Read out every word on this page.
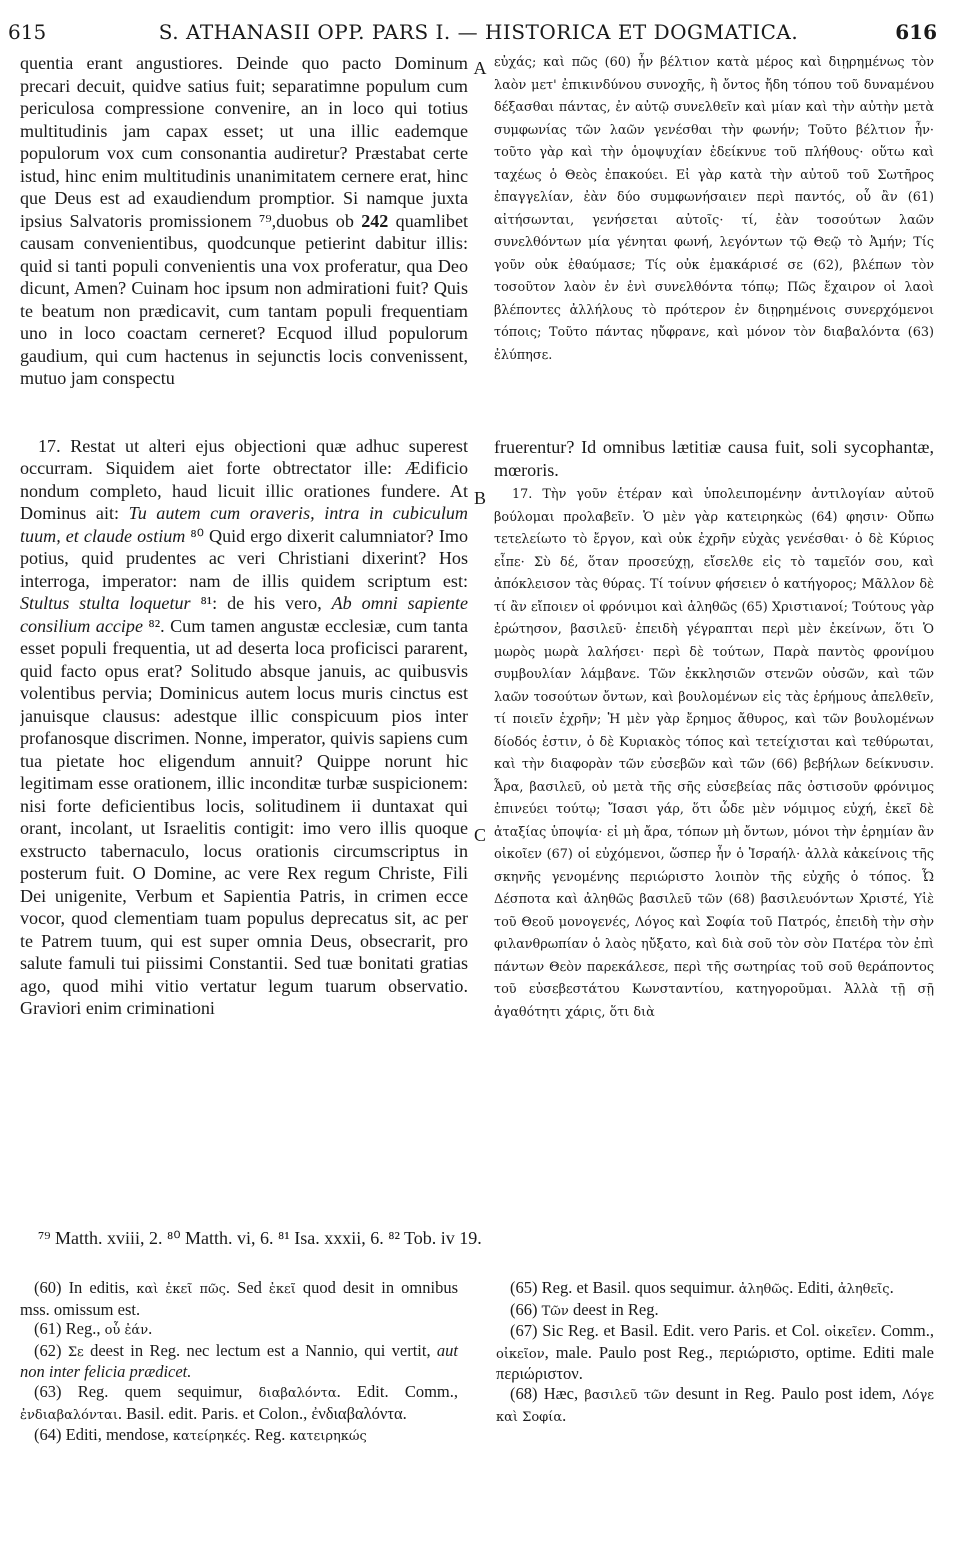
615	S. ATHANASII OPP. PARS I. — HISTORICA ET DOGMATICA.	616
A
B
C

quentia erant angustiores. Deinde quo pacto Dominum precari decuit, quidve satius fuit; separatimne populum cum periculosa compressione convenire, an in loco qui totius multitudinis jam capax esset; ut una illic eademque populorum vox cum consonantia audiretur? Præstabat certe istud, hinc enim multitudinis unanimitatem cernere erat, hinc que Deus est ad exaudiendum promptior. Si namque juxta ipsius Salvatoris promissionem ⁷⁹,duobus ob 242 quamlibet causam convenientibus, quodcunque petierint dabitur illis: quid si tanti populi convenientis una vox proferatur, qua Deo dicunt, Amen? Cuinam hoc ipsum non admirationi fuit? Quis te beatum non prædicavit, cum tantam populi frequentiam uno in loco coactam cerneret? Ecquod illud populorum gaudium, qui cum hactenus in sejunctis locis convenissent, mutuo jam conspectu

17. Restat ut alteri ejus objectioni quæ adhuc superest occurram. Siquidem aiet forte obtrectator ille: Ædificio nondum completo, haud licuit illic orationes fundere. At Dominus ait: Tu autem cum oraveris, intra in cubiculum tuum, et claude ostium ⁸⁰ Quid ergo dixerit calumniator? Imo potius, quid prudentes ac veri Christiani dixerint? Hos interroga, imperator: nam de illis quidem scriptum est: Stultus stulta loquetur ⁸¹: de his vero, Ab omni sapiente consilium accipe ⁸². Cum tamen angustæ ecclesiæ, cum tanta esset populi frequentia, ut ad deserta loca proficisci pararent, quid facto opus erat? Solitudo absque januis, ac quibusvis volentibus pervia; Dominicus autem locus muris cinctus est januisque clausus: adestque illic conspicuum pios inter profanosque discrimen. Nonne, imperator, quivis sapiens cum tua pietate hoc eligendum annuit? Quippe norunt hic legitimam esse orationem, illic inconditæ turbæ suspicionem: nisi forte deficientibus locis, solitudinem ii duntaxat qui orant, incolant, ut Israelitis contigit: imo vero illis quoque exstructo tabernaculo, locus orationis circumscriptus in posterum fuit. O Domine, ac vere Rex regum Christe, Fili Dei unigenite, Verbum et Sapientia Patris, in crimen ecce vocor, quod clementiam tuam populus deprecatus sit, ac per te Patrem tuum, qui est super omnia Deus, obsecrarit, pro salute famuli tui piissimi Constantii. Sed tuæ bonitati gratias ago, quod mihi vitio vertatur legum tuarum observatio. Graviori enim criminationi

εὐχάς; καὶ πῶς (60) ἦν βέλτιον κατὰ μέρος καὶ διῃρημένως τὸν λαὸν μετ' ἐπικινδύνου συνοχῆς, ἢ ὄντος ἤδη τόπου τοῦ δυναμένου δέξασθαι πάντας, ἐν αὐτῷ συνελθεῖν καὶ μίαν καὶ τὴν αὐτὴν μετὰ συμφωνίας τῶν λαῶν γενέσθαι τὴν φωνήν; Τοῦτο βέλτιον ἦν· τοῦτο γὰρ καὶ τὴν ὁμοψυχίαν ἐδείκνυε τοῦ πλήθους· οὕτω καὶ ταχέως ὁ Θεὸς ἐπακούει. Εἰ γὰρ κατὰ τὴν αὐτοῦ τοῦ Σωτῆρος ἐπαγγελίαν, ἐὰν δύο συμφωνήσαιεν περὶ παντός, οὗ ἂν (61) αἰτήσωνται, γενήσεται αὐτοῖς· τί, ἐὰν τοσούτων λαῶν συνελθόντων μία γένηται φωνή, λεγόντων τῷ Θεῷ τὸ Ἀμήν; Τίς γοῦν οὐκ ἐθαύμασε; Τίς οὐκ ἐμακάρισέ σε (62), βλέπων τὸν τοσοῦτον λαὸν ἐν ἑνὶ συνελθόντα τόπῳ; Πῶς ἔχαιρον οἱ λαοὶ βλέποντες ἀλλήλους τὸ πρότερον ἐν διῃρημένοις συνερχόμενοι τόποις; Τοῦτο πάντας ηὔφρανε, καὶ μόνον τὸν διαβαλόντα (63) ἐλύπησε.

17. Τὴν γοῦν ἑτέραν καὶ ὑπολειπομένην ἀντιλογίαν αὐτοῦ βούλομαι προλαβεῖν. Ὁ μὲν γὰρ κατειρηκὼς (64) φησιν· Οὔπω τετελείωτο τὸ ἔργον, καὶ οὐκ ἐχρῆν εὐχὰς γενέσθαι· ὁ δὲ Κύριος εἶπε· Σὺ δέ, ὅταν προσεύχῃ, εἴσελθε εἰς τὸ ταμεῖόν σου, καὶ ἀπόκλεισον τὰς θύρας. Τί τοίνυν φήσειεν ὁ κατήγορος; Μᾶλλον δὲ τί ἂν εἴποιεν οἱ φρόνιμοι καὶ ἀληθῶς (65) Χριστιανοί; Τούτους γὰρ ἐρώτησον, βασιλεῦ· ἐπειδὴ γέγραπται περὶ μὲν ἐκείνων, ὅτι Ὁ μωρὸς μωρὰ λαλήσει· περὶ δὲ τούτων, Παρὰ παντὸς φρονίμου συμβουλίαν λάμβανε. Τῶν ἐκκλησιῶν στενῶν οὐσῶν, καὶ τῶν λαῶν τοσούτων ὄντων, καὶ βουλομένων εἰς τὰς ἐρήμους ἀπελθεῖν, τί ποιεῖν ἐχρῆν; Ἡ μὲν γὰρ ἔρημος ἄθυρος, καὶ τῶν βουλομένων δίοδός ἐστιν, ὁ δὲ Κυριακὸς τόπος καὶ τετείχισται καὶ τεθύρωται, καὶ τὴν διαφορὰν τῶν εὐσεβῶν καὶ τῶν (66) βεβήλων δείκνυσιν. Ἆρα, βασιλεῦ, οὐ μετὰ τῆς σῆς εὐσεβείας πᾶς ὀστισοῦν φρόνιμος ἐπινεύει τούτῳ; Ἴσασι γάρ, ὅτι ὧδε μὲν νόμιμος εὐχή, ἐκεῖ δὲ ἀταξίας ὑποψία· εἰ μὴ ἄρα, τόπων μὴ ὄντων, μόνοι τὴν ἐρημίαν ἂν οἰκοῖεν (67) οἱ εὐχόμενοι, ὥσπερ ἦν ὁ Ἰσραήλ· ἀλλὰ κἀκείνοις τῆς σκηνῆς γενομένης περιώριστο λοιπὸν τῆς εὐχῆς ὁ τόπος. Ὦ Δέσποτα καὶ ἀληθῶς βασιλεῦ τῶν (68) βασιλευόντων Χριστέ, Υἱὲ τοῦ Θεοῦ μονογενές, Λόγος καὶ Σοφία τοῦ Πατρός, ἐπειδὴ τὴν σὴν φιλανθρωπίαν ὁ λαὸς ηὔξατο, καὶ διὰ σοῦ τὸν σὸν Πατέρα τὸν ἐπὶ πάντων Θεὸν παρεκάλεσε, περὶ τῆς σωτηρίας τοῦ σοῦ θεράποντος τοῦ εὐσεβεστάτου Κωνσταντίου, κατηγοροῦμαι. Ἀλλὰ τῇ σῇ ἀγαθότητι χάρις, ὅτι διὰ

fruerentur? Id omnibus lætitiæ causa fuit, soli sycophantæ, mœroris.
⁷⁹ Matth. xviii, 2. ⁸⁰ Matth. vi, 6. ⁸¹ Isa. xxxii, 6. ⁸² Tob. iv 19.

(60) In editis, καὶ ἐκεῖ πῶς. Sed ἐκεῖ quod desit in omnibus mss. omissum est.

(61) Reg., οὗ ἐάν.

(62) Σε deest in Reg. nec lectum est a Nannio, qui vertit, aut non inter felicia prædicet.

(63) Reg. quem sequimur, διαβαλόντα. Edit. Comm., ἐνδιαβαλόνται. Basil. edit. Paris. et Colon., ἐνδιαβαλόντα.

(64) Editi, mendose, κατείρηκές. Reg. κατειρηκώς

(65) Reg. et Basil. quos sequimur. ἀληθῶς. Editi, ἀληθεῖς.

(66) Τῶν deest in Reg.

(67) Sic Reg. et Basil. Edit. vero Paris. et Col. οἰκεῖεν. Comm., οἰκεῖον, male. Paulo post Reg., περιώριστο, optime. Editi male περιώριστον.

(68) Hæc, βασιλεῦ τῶν desunt in Reg. Paulo post idem, Λόγε καὶ Σοφία.
